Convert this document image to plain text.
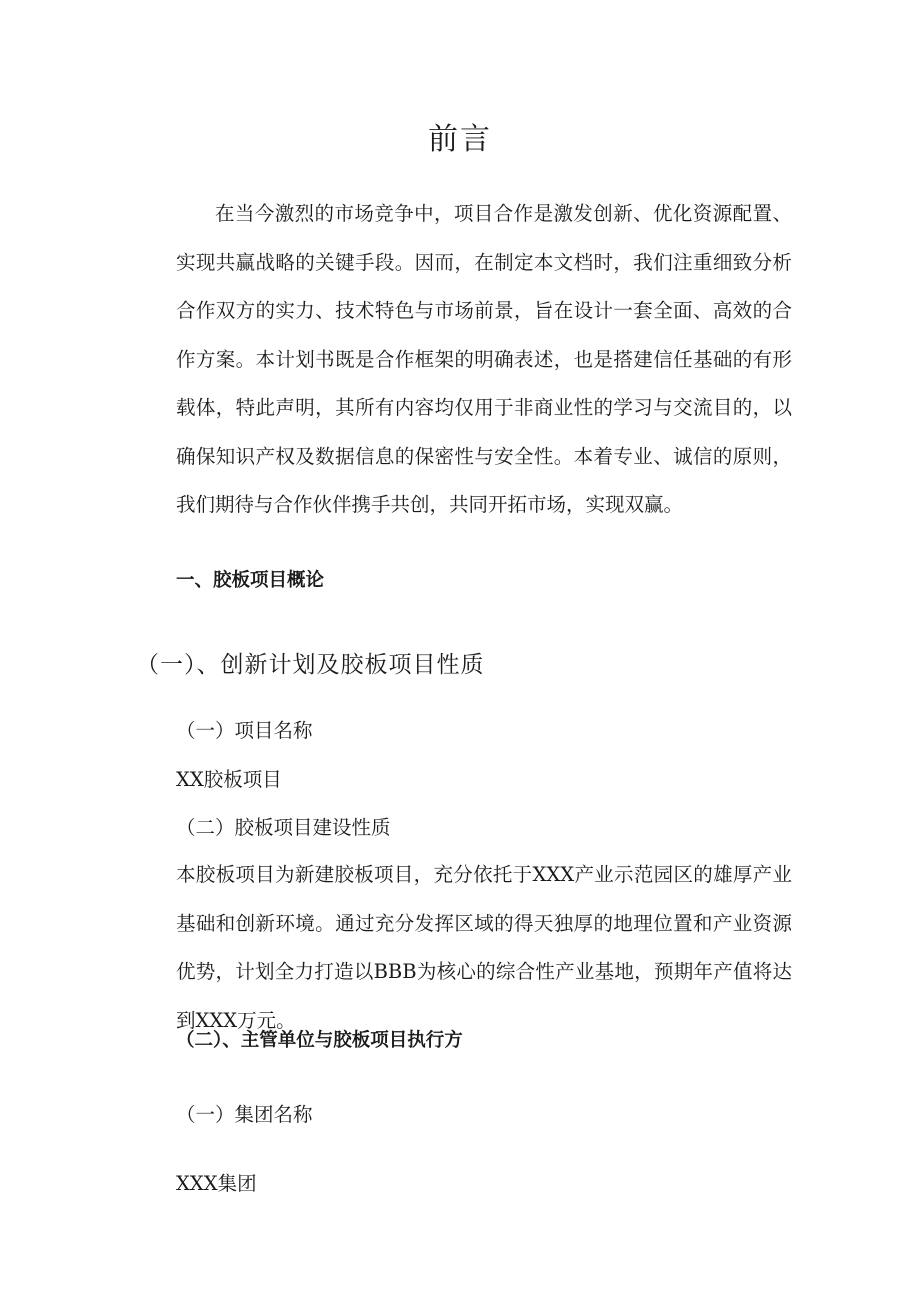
前言

在当今激烈的市场竞争中，项目合作是激发创新、优化资源配置、实现共赢战略的关键手段。因而，在制定本文档时，我们注重细致分析合作双方的实力、技术特色与市场前景，旨在设计一套全面、高效的合作方案。本计划书既是合作框架的明确表述，也是搭建信任基础的有形载体，特此声明，其所有内容均仅用于非商业性的学习与交流目的，以确保知识产权及数据信息的保密性与安全性。本着专业、诚信的原则，我们期待与合作伙伴携手共创，共同开拓市场，实现双赢。

一、胶板项目概论
（一）、创新计划及胶板项目性质
（一）项目名称
XX胶板项目
（二）胶板项目建设性质

本胶板项目为新建胶板项目，充分依托于XXX产业示范园区的雄厚产业基础和创新环境。通过充分发挥区域的得天独厚的地理位置和产业资源优势，计划全力打造以BBB为核心的综合性产业基地，预期年产值将达到XXX万元。

（二）、主管单位与胶板项目执行方
（一）集团名称
XXX集团
